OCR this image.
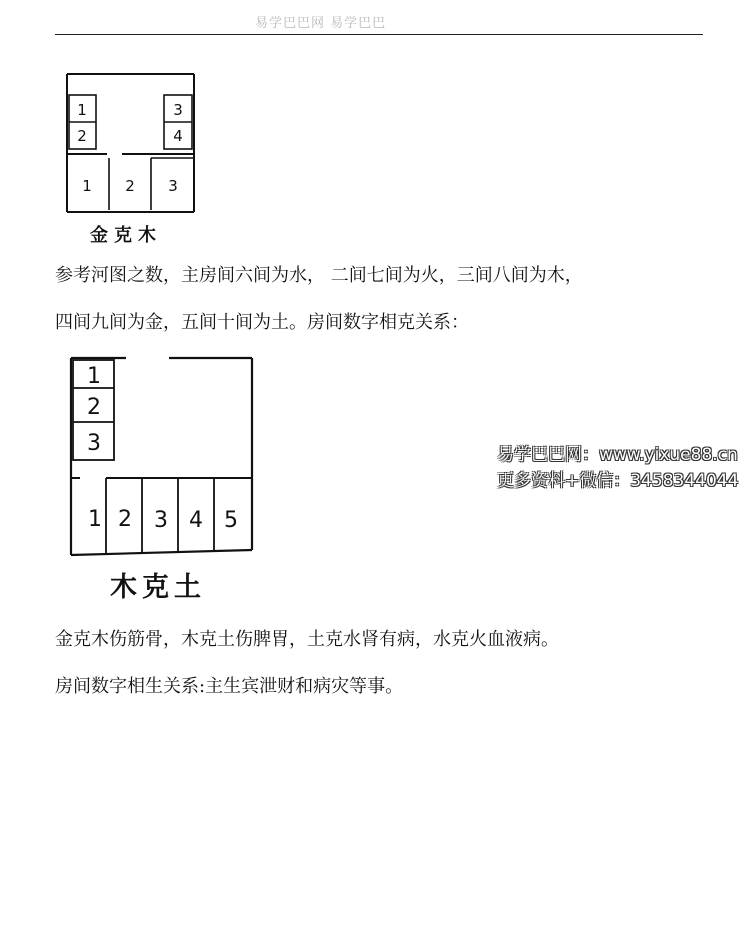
易学巴巴网 易学巴巴
1
2
3
4
1 2 3
金克木
参考河图之数，主房间六间为水， 二间七间为火，三间八间为木，
四间九间为金，五间十间为土。房间数字相克关系：
1
2
3
1 2 3 4 5
木克土
易学巴巴网：www.yixue88.cn
更多资料+微信：3458344044
金克木伤筋骨，木克土伤脾胃，土克水肾有病，水克火血液病。
房间数字相生关系:主生宾泄财和病灾等事。
